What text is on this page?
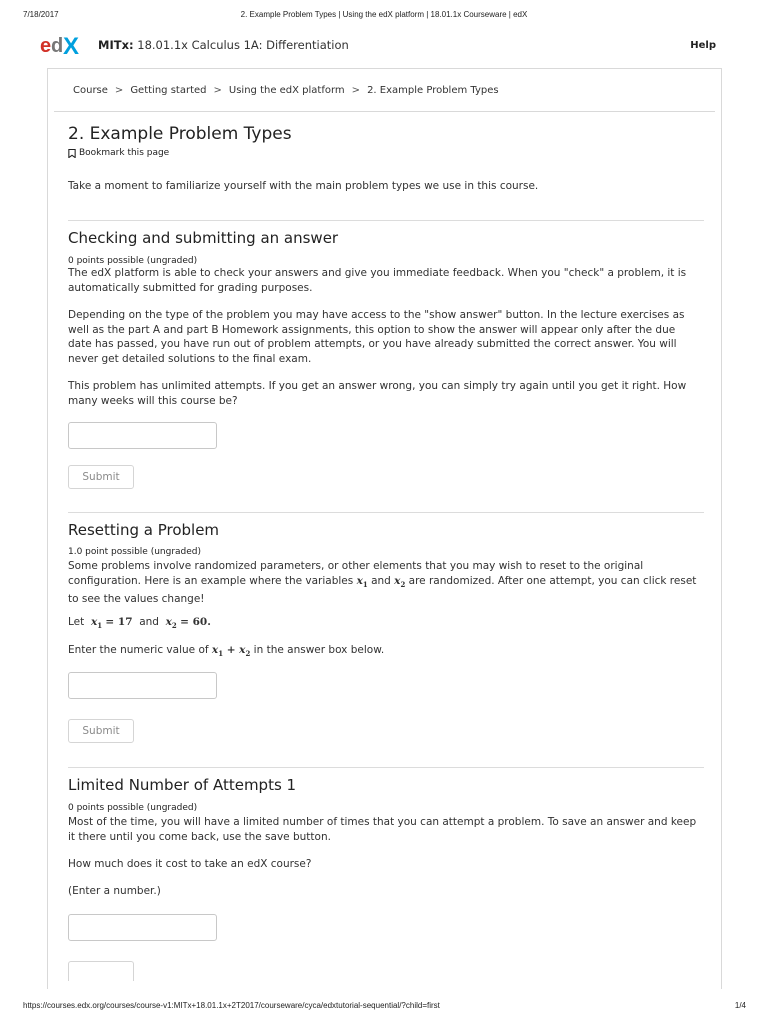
7/18/2017	2. Example Problem Types | Using the edX platform | 18.01.1x Courseware | edX
e d X MITx: 18.01.1x Calculus 1A: Differentiation	Help
Course > Getting started > Using the edX platform > 2. Example Problem Types
2. Example Problem Types
Bookmark this page
Take a moment to familiarize yourself with the main problem types we use in this course.
Checking and submitting an answer
0 points possible (ungraded)

The edX platform is able to check your answers and give you immediate feedback. When you "check" a problem, it is automatically submitted for grading purposes.

Depending on the type of the problem you may have access to the "show answer" button. In the lecture exercises as well as the part A and part B Homework assignments, this option to show the answer will appear only after the due date has passed, you have run out of problem attempts, or you have already submitted the correct answer. You will never get detailed solutions to the final exam.

This problem has unlimited attempts. If you get an answer wrong, you can simply try again until you get it right. How many weeks will this course be?

Submit
Resetting a Problem
1.0 point possible (ungraded)

Some problems involve randomized parameters, or other elements that you may wish to reset to the original configuration. Here is an example where the variables $x_1$ and $x_2$ are randomized. After one attempt, you can click reset to see the values change!

Let $x_1 = 17$ and $x_2 = 60$.

Enter the numeric value of $x_1 + x_2$ in the answer box below.

Submit
Limited Number of Attempts 1
0 points possible (ungraded)

Most of the time, you will have a limited number of times that you can attempt a problem. To save an answer and keep it there until you come back, use the save button.

How much does it cost to take an edX course?

(Enter a number.)

https://courses.edx.org/courses/course-v1:MITx+18.01.1x+2T2017/courseware/cyca/edxtutorial-sequential/?child=first	1/4
